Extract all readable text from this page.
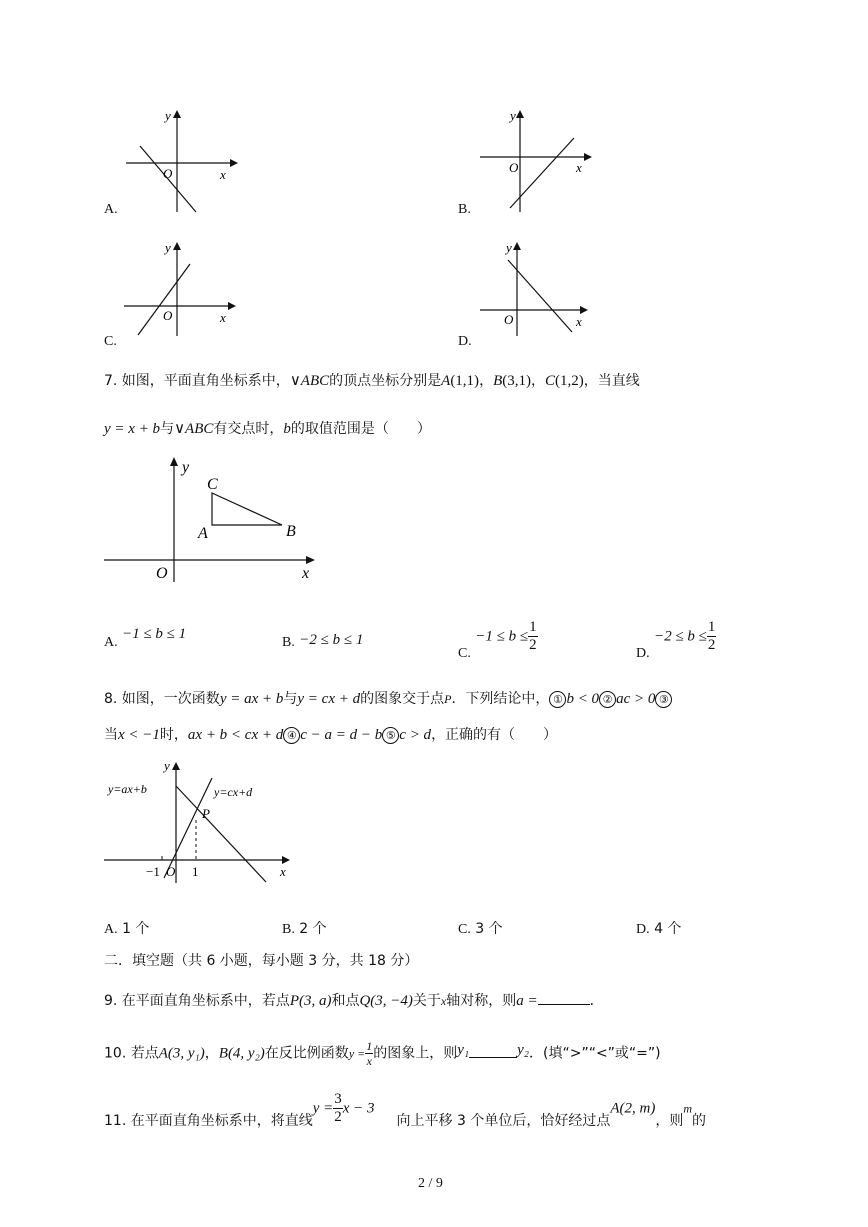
y
x
O
A.
y
x
O
B.
y
x
O
C.
y
x
O
D.
7. 如图，平面直角坐标系中，∨ABC的顶点坐标分别是A(1,1)，B(3,1)，C(1,2)，当直线
y = x + b与∨ABC有交点时，b的取值范围是（　　）
y
x
O
C
A	B
A. −1 ≤ b ≤ 1
B. −2 ≤ b ≤ 1
C. $-1 \le b \le \frac{1}{2}$	D. $-2 \le b \le \frac{1}{2}$
8. 如图，一次函数y = ax + b与y = cx + d的图象交于点P．下列结论中， ① b < 0 ② ac > 0 ③
当x < −1时，ax + b < cx + d ④ c − a = d − b ⑤ c > d，正确的有（　　）
y=ax+b	y=cx+d
P
y
x
O
−1 1
A. 1 个	B. 2 个	C. 3 个	D. 4 个
二．填空题（共 6 小题，每小题 3 分，共 18 分）
9. 在平面直角坐标系中，若点P(3, a)和点Q(3, −4)关于x轴对称，则a =	．
10. 若点A(3, y₁)，B(4, y₂)在反比例函数$y = \frac{1}{x}$ 的图象上，则y₁	y₂．(填“>”“<”或“=”)
11. 在平面直角坐标系中，将直线$y = \frac{3}{2}$ x − 3向上平移 3 个单位后，恰好经过点A(2, m)，则m的
2 / 9
